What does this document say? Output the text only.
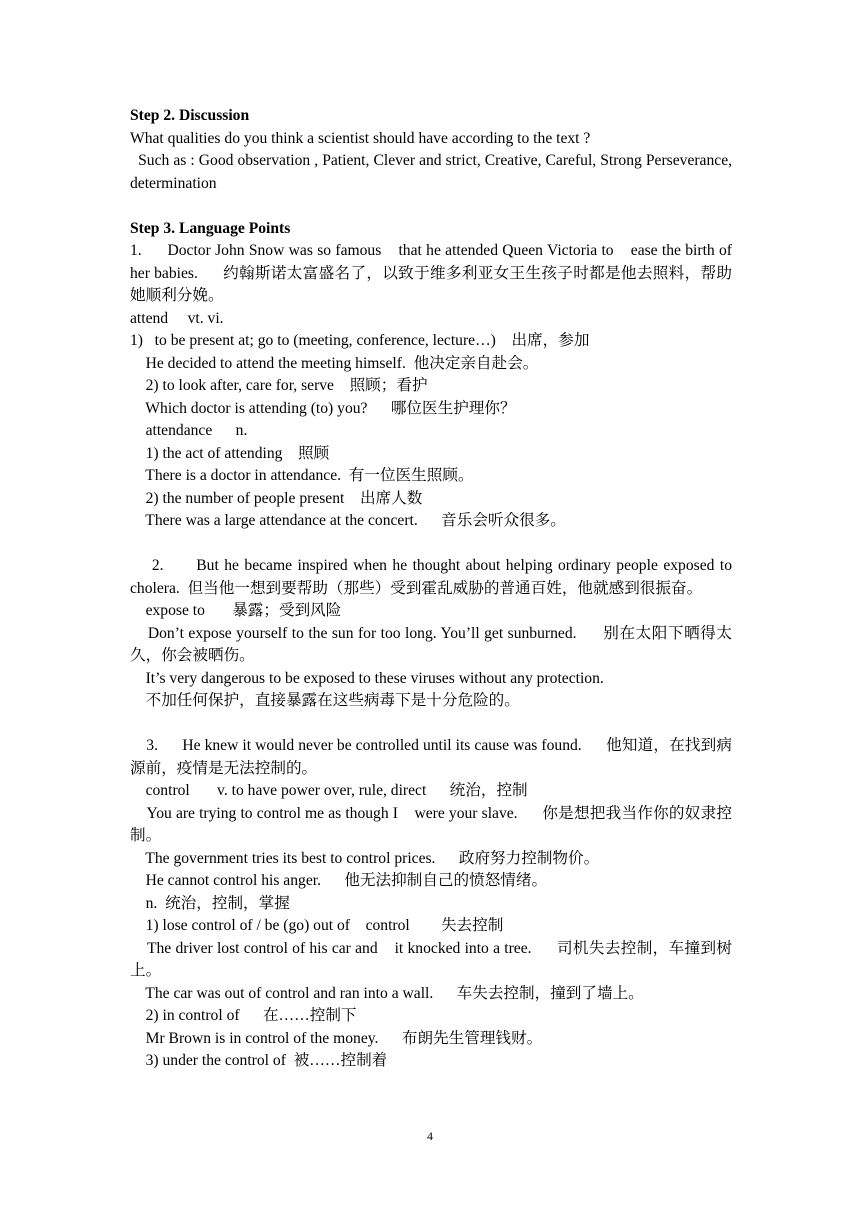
Step 2. Discussion
What qualities do you think a scientist should have according to the text ?
Such as : Good observation , Patient, Clever and strict, Creative, Careful, Strong Perseverance, determination
Step 3. Language Points
1.      Doctor John Snow was so famous    that he attended Queen Victoria to    ease the birth of her babies.      约翰斯诺太富盛名了，以致于维多利亚女王生孩子时都是他去照料，帮助她顺利分娩。
attend     vt. vi.
1)   to be present at; go to (meeting, conference, lecture…)    出席，参加
He decided to attend the meeting himself.  他决定亲自赴会。
2) to look after, care for, serve    照顾；看护
Which doctor is attending (to) you?      哪位医生护理你？
attendance      n.
1) the act of attending    照顾
There is a doctor in attendance.  有一位医生照顾。
2) the number of people present    出席人数
There was a large attendance at the concert.      音乐会听众很多。
2.      But he became inspired when he thought about helping ordinary people exposed to cholera.  但当他一想到要帮助（那些）受到霍乱威胁的普通百姓，他就感到很振奋。
expose to       暴露；受到风险
Don’t expose yourself to the sun for too long. You’ll get sunburned.      别在太阳下晒得太久，你会被晒伤。
It’s very dangerous to be exposed to these viruses without any protection.
不加任何保护，直接暴露在这些病毒下是十分危险的。
3.      He knew it would never be controlled until its cause was found.      他知道，在找到病源前，疫情是无法控制的。
control       v. to have power over, rule, direct      统治，控制
You are trying to control me as though I    were your slave.      你是想把我当作你的奴隶控制。
The government tries its best to control prices.      政府努力控制物价。
He cannot control his anger.      他无法抑制自己的愤怒情绪。
n.  统治，控制，掌握
1) lose control of / be (go) out of    control        失去控制
The driver lost control of his car and    it knocked into a tree.      司机失去控制，车撞到树上。
The car was out of control and ran into a wall.      车失去控制，撞到了墙上。
2) in control of      在……控制下
Mr Brown is in control of the money.      布朗先生管理钱财。
3) under the control of  被……控制着
4
